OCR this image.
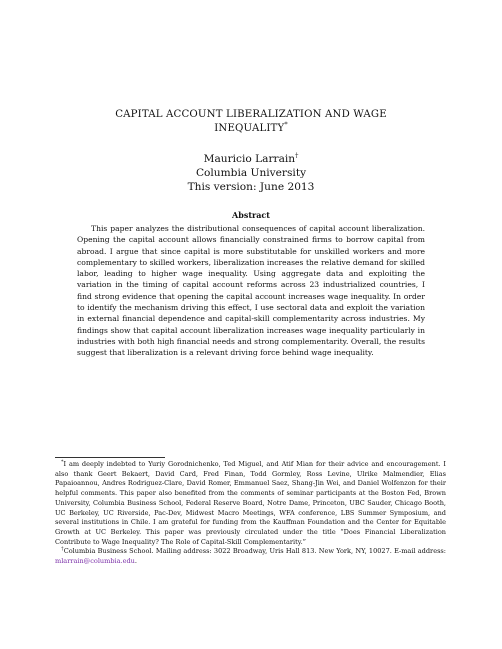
CAPITAL ACCOUNT LIBERALIZATION AND WAGE
INEQUALITY*
Mauricio Larrain†
Columbia University
This version: June 2013
Abstract

This paper analyzes the distributional consequences of capital account liberalization. Opening the capital account allows financially constrained firms to borrow capital from abroad. I argue that since capital is more substitutable for unskilled workers and more complementary to skilled workers, liberalization increases the relative demand for skilled labor, leading to higher wage inequality. Using aggregate data and exploiting the variation in the timing of capital account reforms across 23 industrialized countries, I find strong evidence that opening the capital account increases wage inequality. In order to identify the mechanism driving this effect, I use sectoral data and exploit the variation in external financial dependence and capital-skill complementarity across industries. My findings show that capital account liberalization increases wage inequality particularly in industries with both high financial needs and strong complementarity. Overall, the results suggest that liberalization is a relevant driving force behind wage inequality.

*I am deeply indebted to Yuriy Gorodnichenko, Ted Miguel, and Atif Mian for their advice and encouragement. I also thank Geert Bekaert, David Card, Fred Finan, Todd Gormley, Ross Levine, Ulrike Malmendier, Elias Papaioannou, Andres Rodriguez-Clare, David Romer, Emmanuel Saez, Shang-Jin Wei, and Daniel Wolfenzon for their helpful comments. This paper also benefited from the comments of seminar participants at the Boston Fed, Brown University, Columbia Business School, Federal Reserve Board, Notre Dame, Princeton, UBC Sauder, Chicago Booth, UC Berkeley, UC Riverside, Pac-Dev, Midwest Macro Meetings, WFA conference, LBS Summer Symposium, and several institutions in Chile. I am grateful for funding from the Kauffman Foundation and the Center for Equitable Growth at UC Berkeley. This paper was previously circulated under the title “Does Financial Liberalization Contribute to Wage Inequality? The Role of Capital-Skill Complementarity.”

†Columbia Business School. Mailing address: 3022 Broadway, Uris Hall 813. New York, NY, 10027. E-mail address: mlarrain@columbia.edu.
